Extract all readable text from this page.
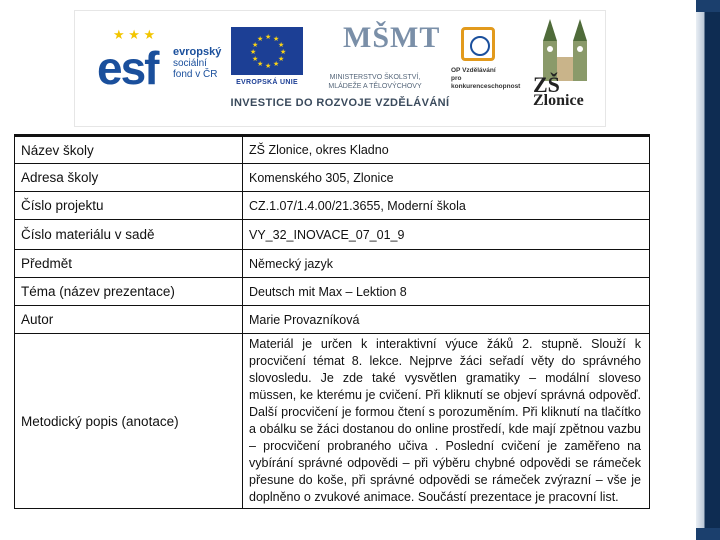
★ ★ ★
esf evropský
sociální
fond v ČR
★ ★
★
★
★
★
★
★
★
★
★
★
EVROPSKÁ UNIE
MŠMT
MINISTERSTVO ŠKOLSTVÍ,
MLÁDEŽE A TĚLOVÝCHOVY
OP Vzdělávání
pro konkurenceschopnost ZŠ
Zlonice
INVESTICE DO ROZVOJE VZDĚLÁVÁNÍ
Název školy	ZŠ Zlonice, okres Kladno
Adresa školy	Komenského 305, Zlonice
Číslo projektu	CZ.1.07/1.4.00/21.3655, Moderní škola
Číslo materiálu v sadě	VY_32_INOVACE_07_01_9
Předmět	Německý jazyk
Téma (název prezentace)	Deutsch mit Max – Lektion 8
Autor	Marie Provazníková
Metodický popis (anotace)	Materiál je určen k interaktivní výuce žáků 2. stupně. Slouží k procvičení témat 8. lekce. Nejprve žáci seřadí věty do správného slovosledu. Je zde také vysvětlen gramatiky – modální sloveso müssen, ke kterému je cvičení. Při kliknutí se objeví správná odpověď. Další procvičení je formou čtení s porozuměním. Při kliknutí na tlačítko a obálku se žáci dostanou do online prostředí, kde mají zpětnou vazbu – procvičení probraného učiva . Poslední cvičení je zaměřeno na vybírání správné odpovědi – při výběru chybné odpovědi se rámeček přesune do koše, při správné odpovědi se rámeček zvýrazní – vše je doplněno o zvukové animace. Součástí prezentace je pracovní list.
